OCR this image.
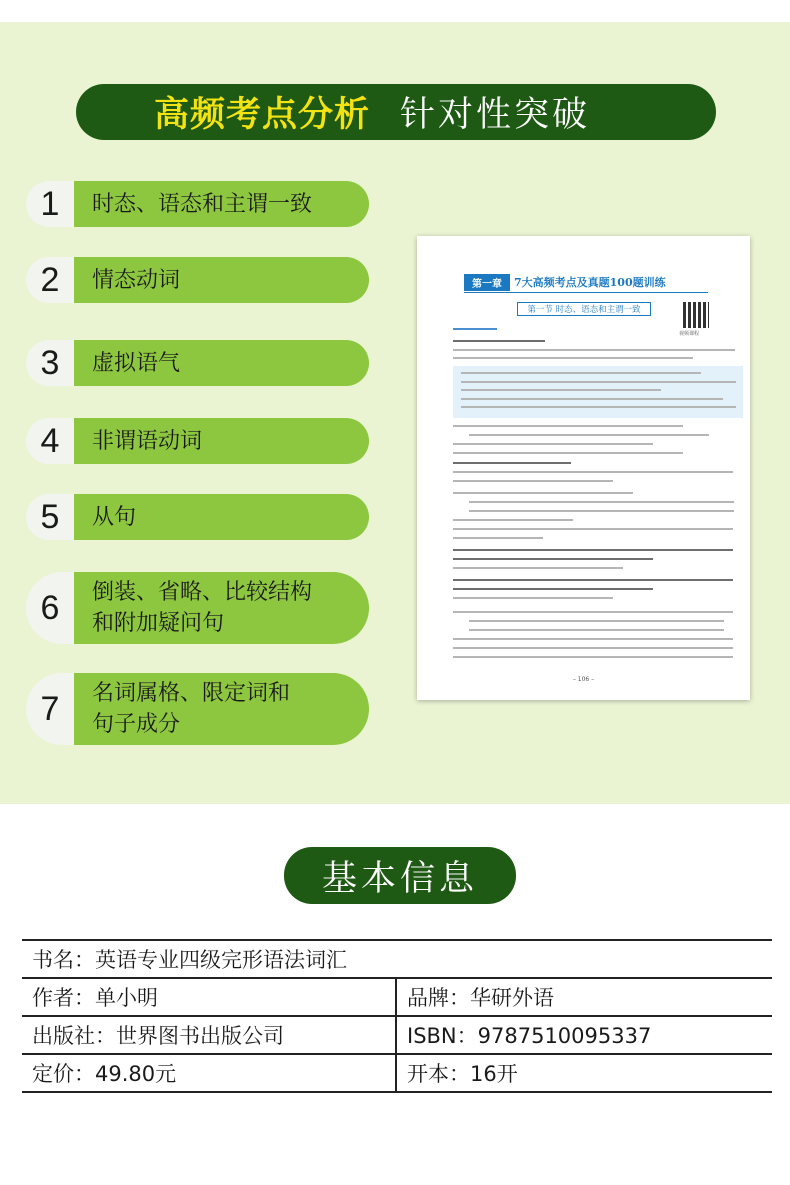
高频考点分析 针对性突破
1	时态、语态和主谓一致
2	情态动词
3	虚拟语气
4	非谓语动词
5	从句
6	倒装、省略、比较结构
和附加疑问句
7	名词属格、限定词和
句子成分
第一章	7大高频考点及真题100题训练
第一节 时态、语态和主谓一致
视频课程
– 106 –
基本信息
书名：英语专业四级完形语法词汇	
作者：单小明	品牌：华研外语
出版社：世界图书出版公司	ISBN：9787510095337
定价：49.80元	开本：16开
